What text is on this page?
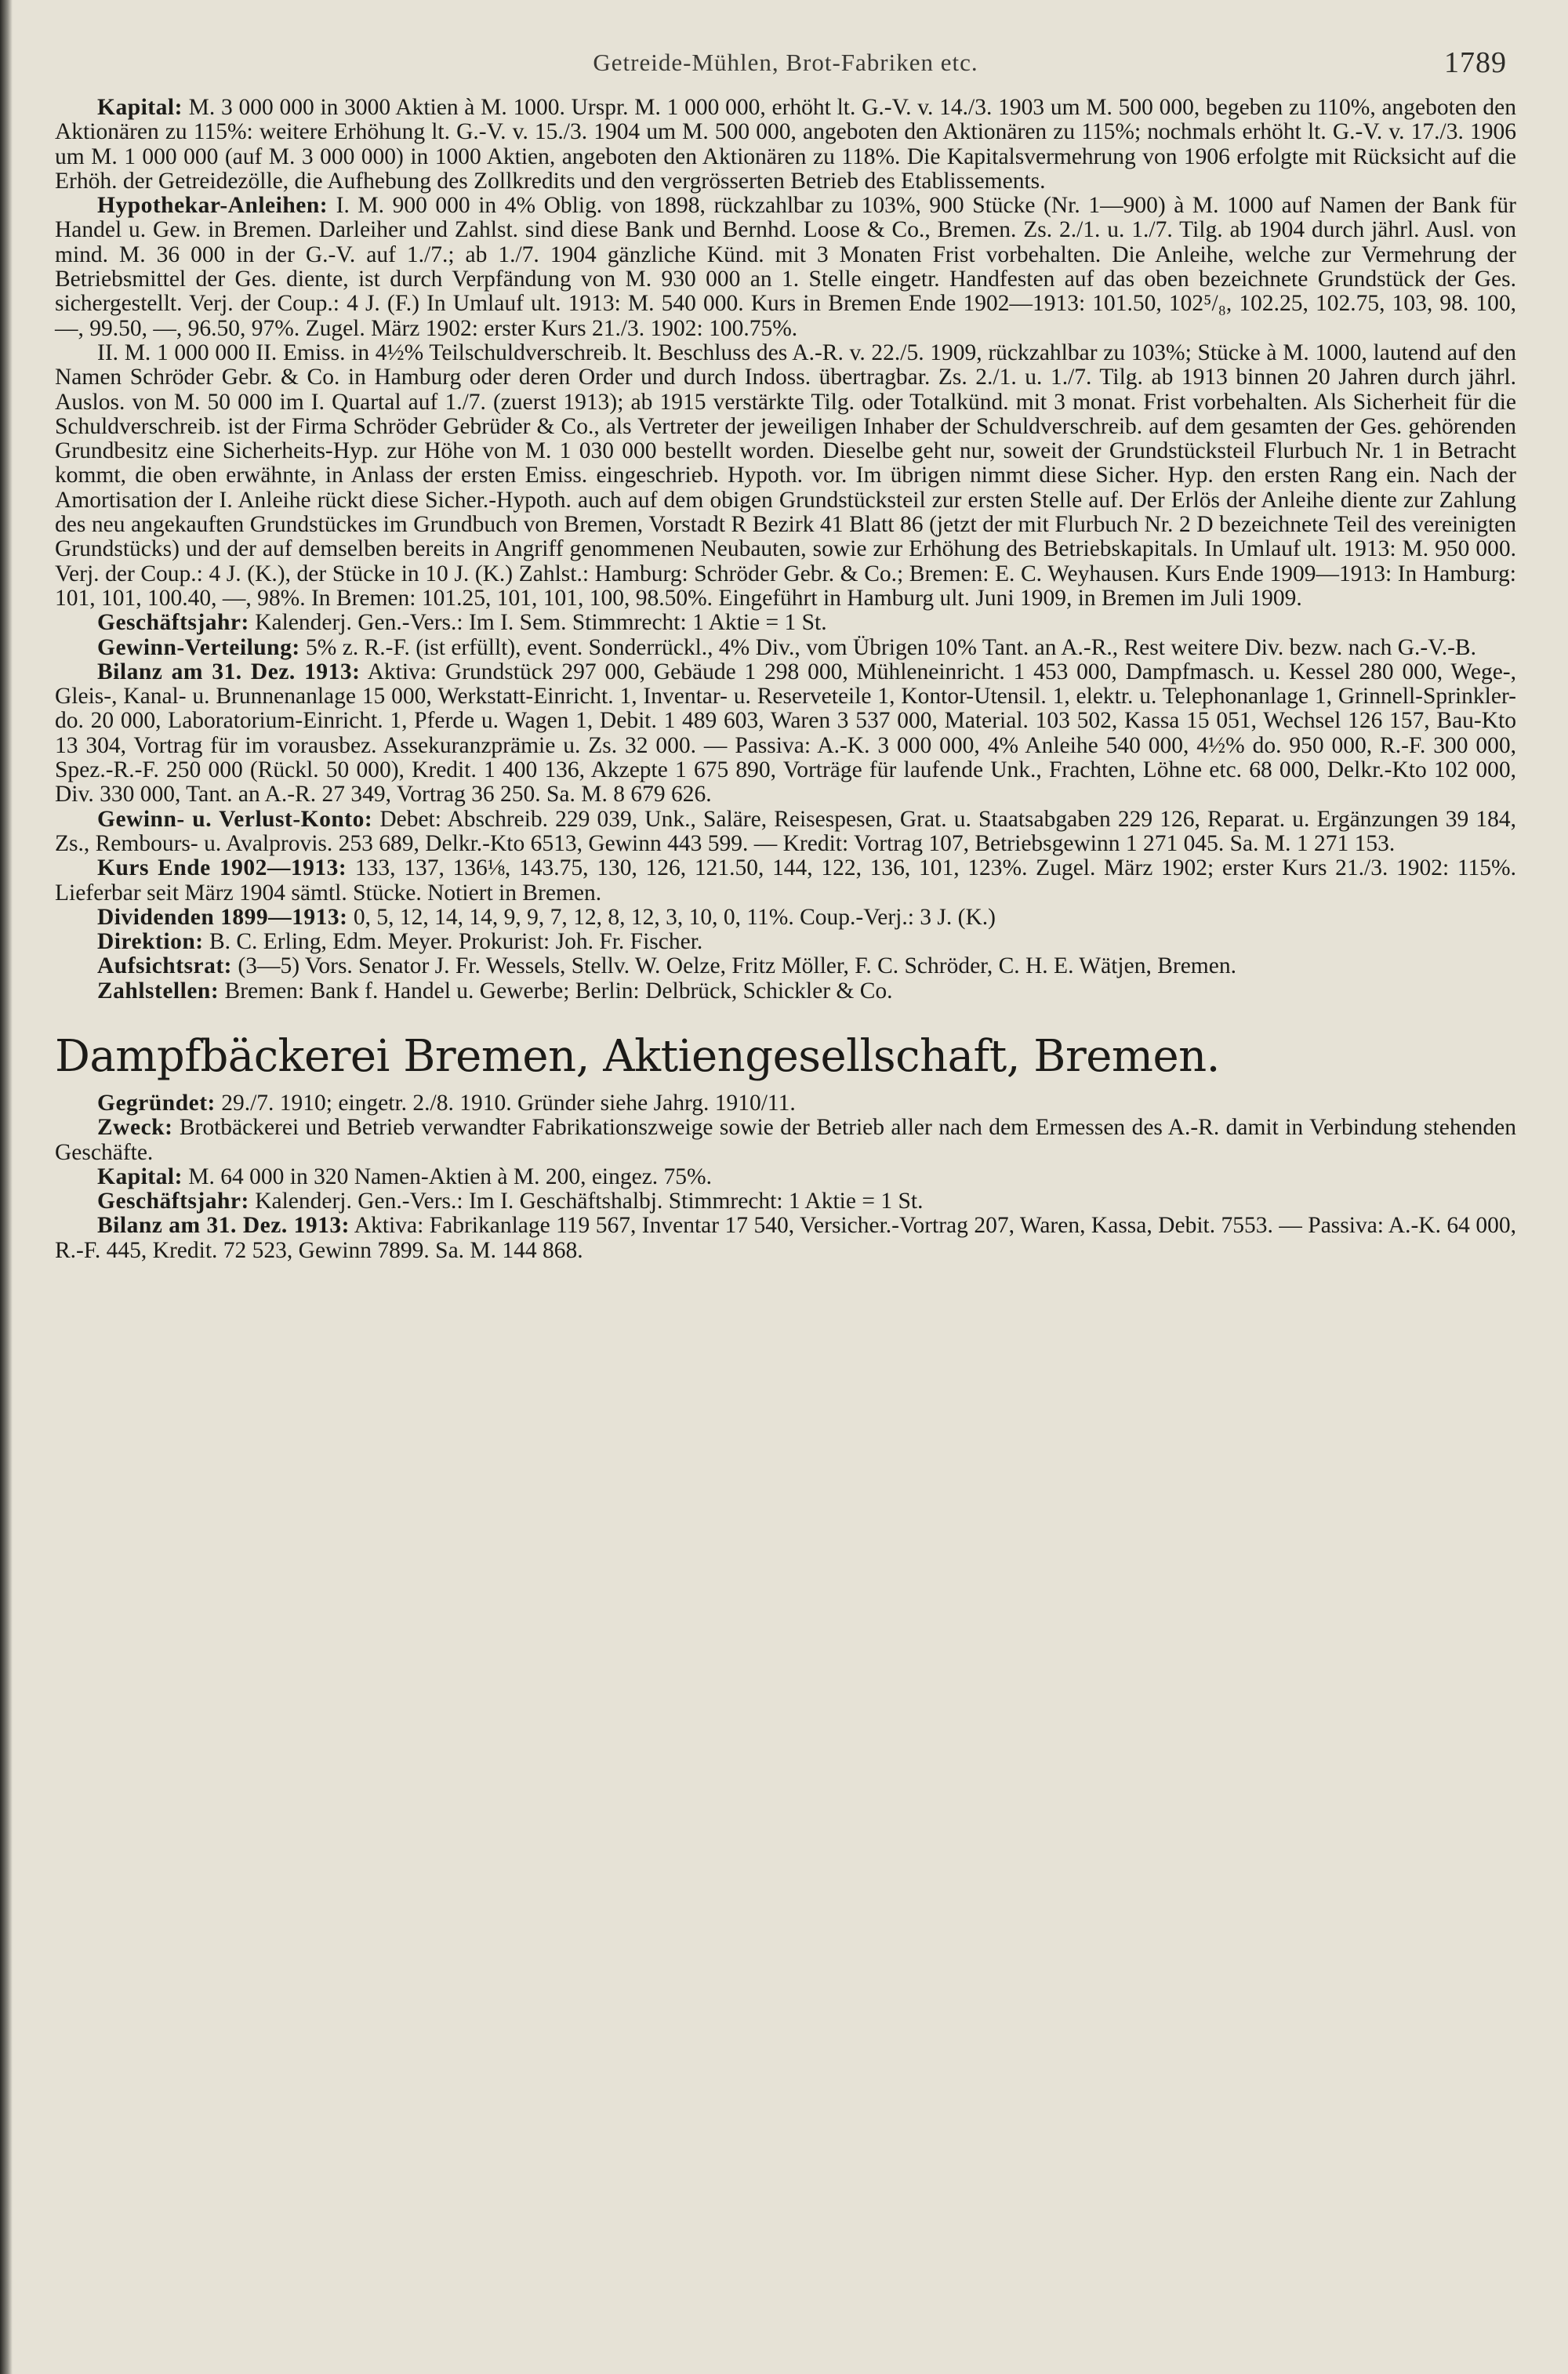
Getreide-Mühlen, Brot-Fabriken etc.	1789

Kapital: M. 3 000 000 in 3000 Aktien à M. 1000. Urspr. M. 1 000 000, erhöht lt. G.-V. v. 14./3. 1903 um M. 500 000, begeben zu 110%, angeboten den Aktionären zu 115%: weitere Erhöhung lt. G.-V. v. 15./3. 1904 um M. 500 000, angeboten den Aktionären zu 115%; nochmals erhöht lt. G.-V. v. 17./3. 1906 um M. 1 000 000 (auf M. 3 000 000) in 1000 Aktien, angeboten den Aktionären zu 118%. Die Kapitalsvermehrung von 1906 erfolgte mit Rücksicht auf die Erhöh. der Getreidezölle, die Aufhebung des Zollkredits und den vergrösserten Betrieb des Etablissements.

Hypothekar-Anleihen: I. M. 900 000 in 4% Oblig. von 1898, rückzahlbar zu 103%, 900 Stücke (Nr. 1—900) à M. 1000 auf Namen der Bank für Handel u. Gew. in Bremen. Darleiher und Zahlst. sind diese Bank und Bernhd. Loose & Co., Bremen. Zs. 2./1. u. 1./7. Tilg. ab 1904 durch jährl. Ausl. von mind. M. 36 000 in der G.-V. auf 1./7.; ab 1./7. 1904 gänzliche Künd. mit 3 Monaten Frist vorbehalten. Die Anleihe, welche zur Vermehrung der Betriebsmittel der Ges. diente, ist durch Verpfändung von M. 930 000 an 1. Stelle eingetr. Handfesten auf das oben bezeichnete Grundstück der Ges. sichergestellt. Verj. der Coup.: 4 J. (F.) In Umlauf ult. 1913: M. 540 000. Kurs in Bremen Ende 1902—1913: 101.50, 102⁵/₈, 102.25, 102.75, 103, 98. 100, —, 99.50, —, 96.50, 97%. Zugel. März 1902: erster Kurs 21./3. 1902: 100.75%.

II. M. 1 000 000 II. Emiss. in 4½% Teilschuldverschreib. lt. Beschluss des A.-R. v. 22./5. 1909, rückzahlbar zu 103%; Stücke à M. 1000, lautend auf den Namen Schröder Gebr. & Co. in Hamburg oder deren Order und durch Indoss. übertragbar. Zs. 2./1. u. 1./7. Tilg. ab 1913 binnen 20 Jahren durch jährl. Auslos. von M. 50 000 im I. Quartal auf 1./7. (zuerst 1913); ab 1915 verstärkte Tilg. oder Totalkünd. mit 3 monat. Frist vorbehalten. Als Sicherheit für die Schuldverschreib. ist der Firma Schröder Gebrüder & Co., als Vertreter der jeweiligen Inhaber der Schuldverschreib. auf dem gesamten der Ges. gehörenden Grundbesitz eine Sicherheits-Hyp. zur Höhe von M. 1 030 000 bestellt worden. Dieselbe geht nur, soweit der Grundstücksteil Flurbuch Nr. 1 in Betracht kommt, die oben erwähnte, in Anlass der ersten Emiss. eingeschrieb. Hypoth. vor. Im übrigen nimmt diese Sicher. Hyp. den ersten Rang ein. Nach der Amortisation der I. Anleihe rückt diese Sicher.-Hypoth. auch auf dem obigen Grundstücksteil zur ersten Stelle auf. Der Erlös der Anleihe diente zur Zahlung des neu angekauften Grundstückes im Grundbuch von Bremen, Vorstadt R Bezirk 41 Blatt 86 (jetzt der mit Flurbuch Nr. 2 D bezeichnete Teil des vereinigten Grundstücks) und der auf demselben bereits in Angriff genommenen Neubauten, sowie zur Erhöhung des Betriebskapitals. In Umlauf ult. 1913: M. 950 000. Verj. der Coup.: 4 J. (K.), der Stücke in 10 J. (K.) Zahlst.: Hamburg: Schröder Gebr. & Co.; Bremen: E. C. Weyhausen. Kurs Ende 1909—1913: In Hamburg: 101, 101, 100.40, —, 98%. In Bremen: 101.25, 101, 101, 100, 98.50%. Eingeführt in Hamburg ult. Juni 1909, in Bremen im Juli 1909.

Geschäftsjahr: Kalenderj. Gen.-Vers.: Im I. Sem. Stimmrecht: 1 Aktie = 1 St.

Gewinn-Verteilung: 5% z. R.-F. (ist erfüllt), event. Sonderrückl., 4% Div., vom Übrigen 10% Tant. an A.-R., Rest weitere Div. bezw. nach G.-V.-B.

Bilanz am 31. Dez. 1913: Aktiva: Grundstück 297 000, Gebäude 1 298 000, Mühleneinricht. 1 453 000, Dampfmasch. u. Kessel 280 000, Wege-, Gleis-, Kanal- u. Brunnenanlage 15 000, Werkstatt-Einricht. 1, Inventar- u. Reserveteile 1, Kontor-Utensil. 1, elektr. u. Telephonanlage 1, Grinnell-Sprinkler- do. 20 000, Laboratorium-Einricht. 1, Pferde u. Wagen 1, Debit. 1 489 603, Waren 3 537 000, Material. 103 502, Kassa 15 051, Wechsel 126 157, Bau-Kto 13 304, Vortrag für im vorausbez. Assekuranzprämie u. Zs. 32 000. — Passiva: A.-K. 3 000 000, 4% Anleihe 540 000, 4½% do. 950 000, R.-F. 300 000, Spez.-R.-F. 250 000 (Rückl. 50 000), Kredit. 1 400 136, Akzepte 1 675 890, Vorträge für laufende Unk., Frachten, Löhne etc. 68 000, Delkr.-Kto 102 000, Div. 330 000, Tant. an A.-R. 27 349, Vortrag 36 250. Sa. M. 8 679 626.

Gewinn- u. Verlust-Konto: Debet: Abschreib. 229 039, Unk., Saläre, Reisespesen, Grat. u. Staatsabgaben 229 126, Reparat. u. Ergänzungen 39 184, Zs., Rembours- u. Avalprovis. 253 689, Delkr.-Kto 6513, Gewinn 443 599. — Kredit: Vortrag 107, Betriebsgewinn 1 271 045. Sa. M. 1 271 153.

Kurs Ende 1902—1913: 133, 137, 136⅛, 143.75, 130, 126, 121.50, 144, 122, 136, 101, 123%. Zugel. März 1902; erster Kurs 21./3. 1902: 115%. Lieferbar seit März 1904 sämtl. Stücke. Notiert in Bremen.

Dividenden 1899—1913: 0, 5, 12, 14, 14, 9, 9, 7, 12, 8, 12, 3, 10, 0, 11%. Coup.-Verj.: 3 J. (K.)

Direktion: B. C. Erling, Edm. Meyer. Prokurist: Joh. Fr. Fischer.

Aufsichtsrat: (3—5) Vors. Senator J. Fr. Wessels, Stellv. W. Oelze, Fritz Möller, F. C. Schröder, C. H. E. Wätjen, Bremen.

Zahlstellen: Bremen: Bank f. Handel u. Gewerbe; Berlin: Delbrück, Schickler & Co.

Dampfbäckerei Bremen, Aktiengesellschaft, Bremen.

Gegründet: 29./7. 1910; eingetr. 2./8. 1910. Gründer siehe Jahrg. 1910/11.

Zweck: Brotbäckerei und Betrieb verwandter Fabrikationszweige sowie der Betrieb aller nach dem Ermessen des A.-R. damit in Verbindung stehenden Geschäfte.

Kapital: M. 64 000 in 320 Namen-Aktien à M. 200, eingez. 75%.

Geschäftsjahr: Kalenderj. Gen.-Vers.: Im I. Geschäftshalbj. Stimmrecht: 1 Aktie = 1 St.

Bilanz am 31. Dez. 1913: Aktiva: Fabrikanlage 119 567, Inventar 17 540, Versicher.-Vortrag 207, Waren, Kassa, Debit. 7553. — Passiva: A.-K. 64 000, R.-F. 445, Kredit. 72 523, Gewinn 7899. Sa. M. 144 868.
